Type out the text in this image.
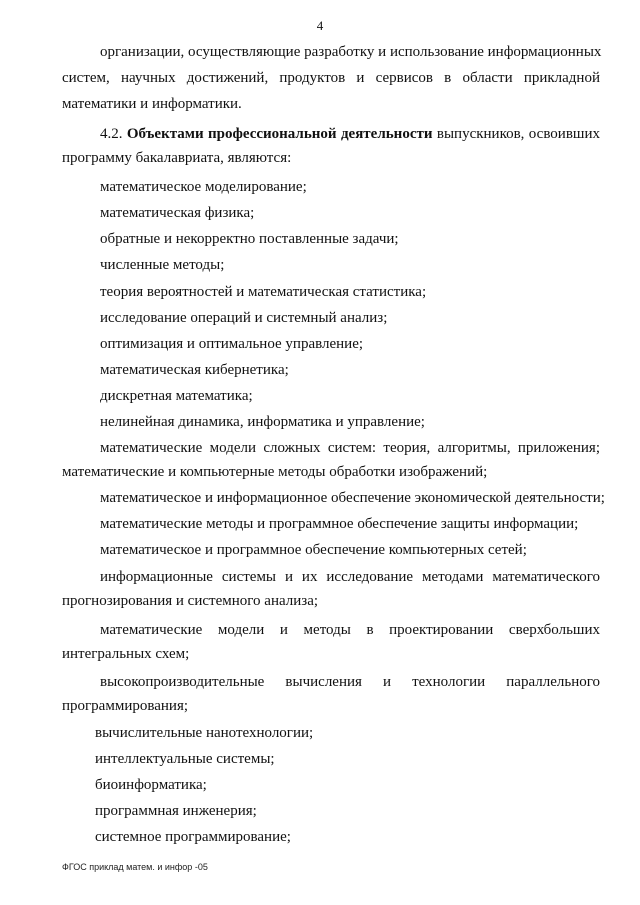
4
организации, осуществляющие разработку и использование информационных
систем, научных достижений, продуктов и сервисов в области прикладной
математики и информатики.
4.2. Объектами профессиональной деятельности выпускников, освоивших
программу бакалавриата, являются:
математическое моделирование;
математическая физика;
обратные и некорректно поставленные задачи;
численные методы;
теория вероятностей и математическая статистика;
исследование операций и системный анализ;
оптимизация и оптимальное управление;
математическая кибернетика;
дискретная математика;
нелинейная динамика, информатика и управление;
математические модели сложных систем: теория, алгоритмы, приложения;
математические и компьютерные методы обработки изображений;
математическое и информационное обеспечение экономической деятельности;
математические методы и программное обеспечение защиты информации;
математическое и программное обеспечение компьютерных сетей;
информационные системы и их исследование методами математического
прогнозирования и системного анализа;
математические модели и методы в проектировании сверхбольших
интегральных схем;
высокопроизводительные вычисления и технологии параллельного
программирования;
вычислительные нанотехнологии;
интеллектуальные системы;
биоинформатика;
программная инженерия;
системное программирование;
ФГОС приклад матем. и инфор -05
